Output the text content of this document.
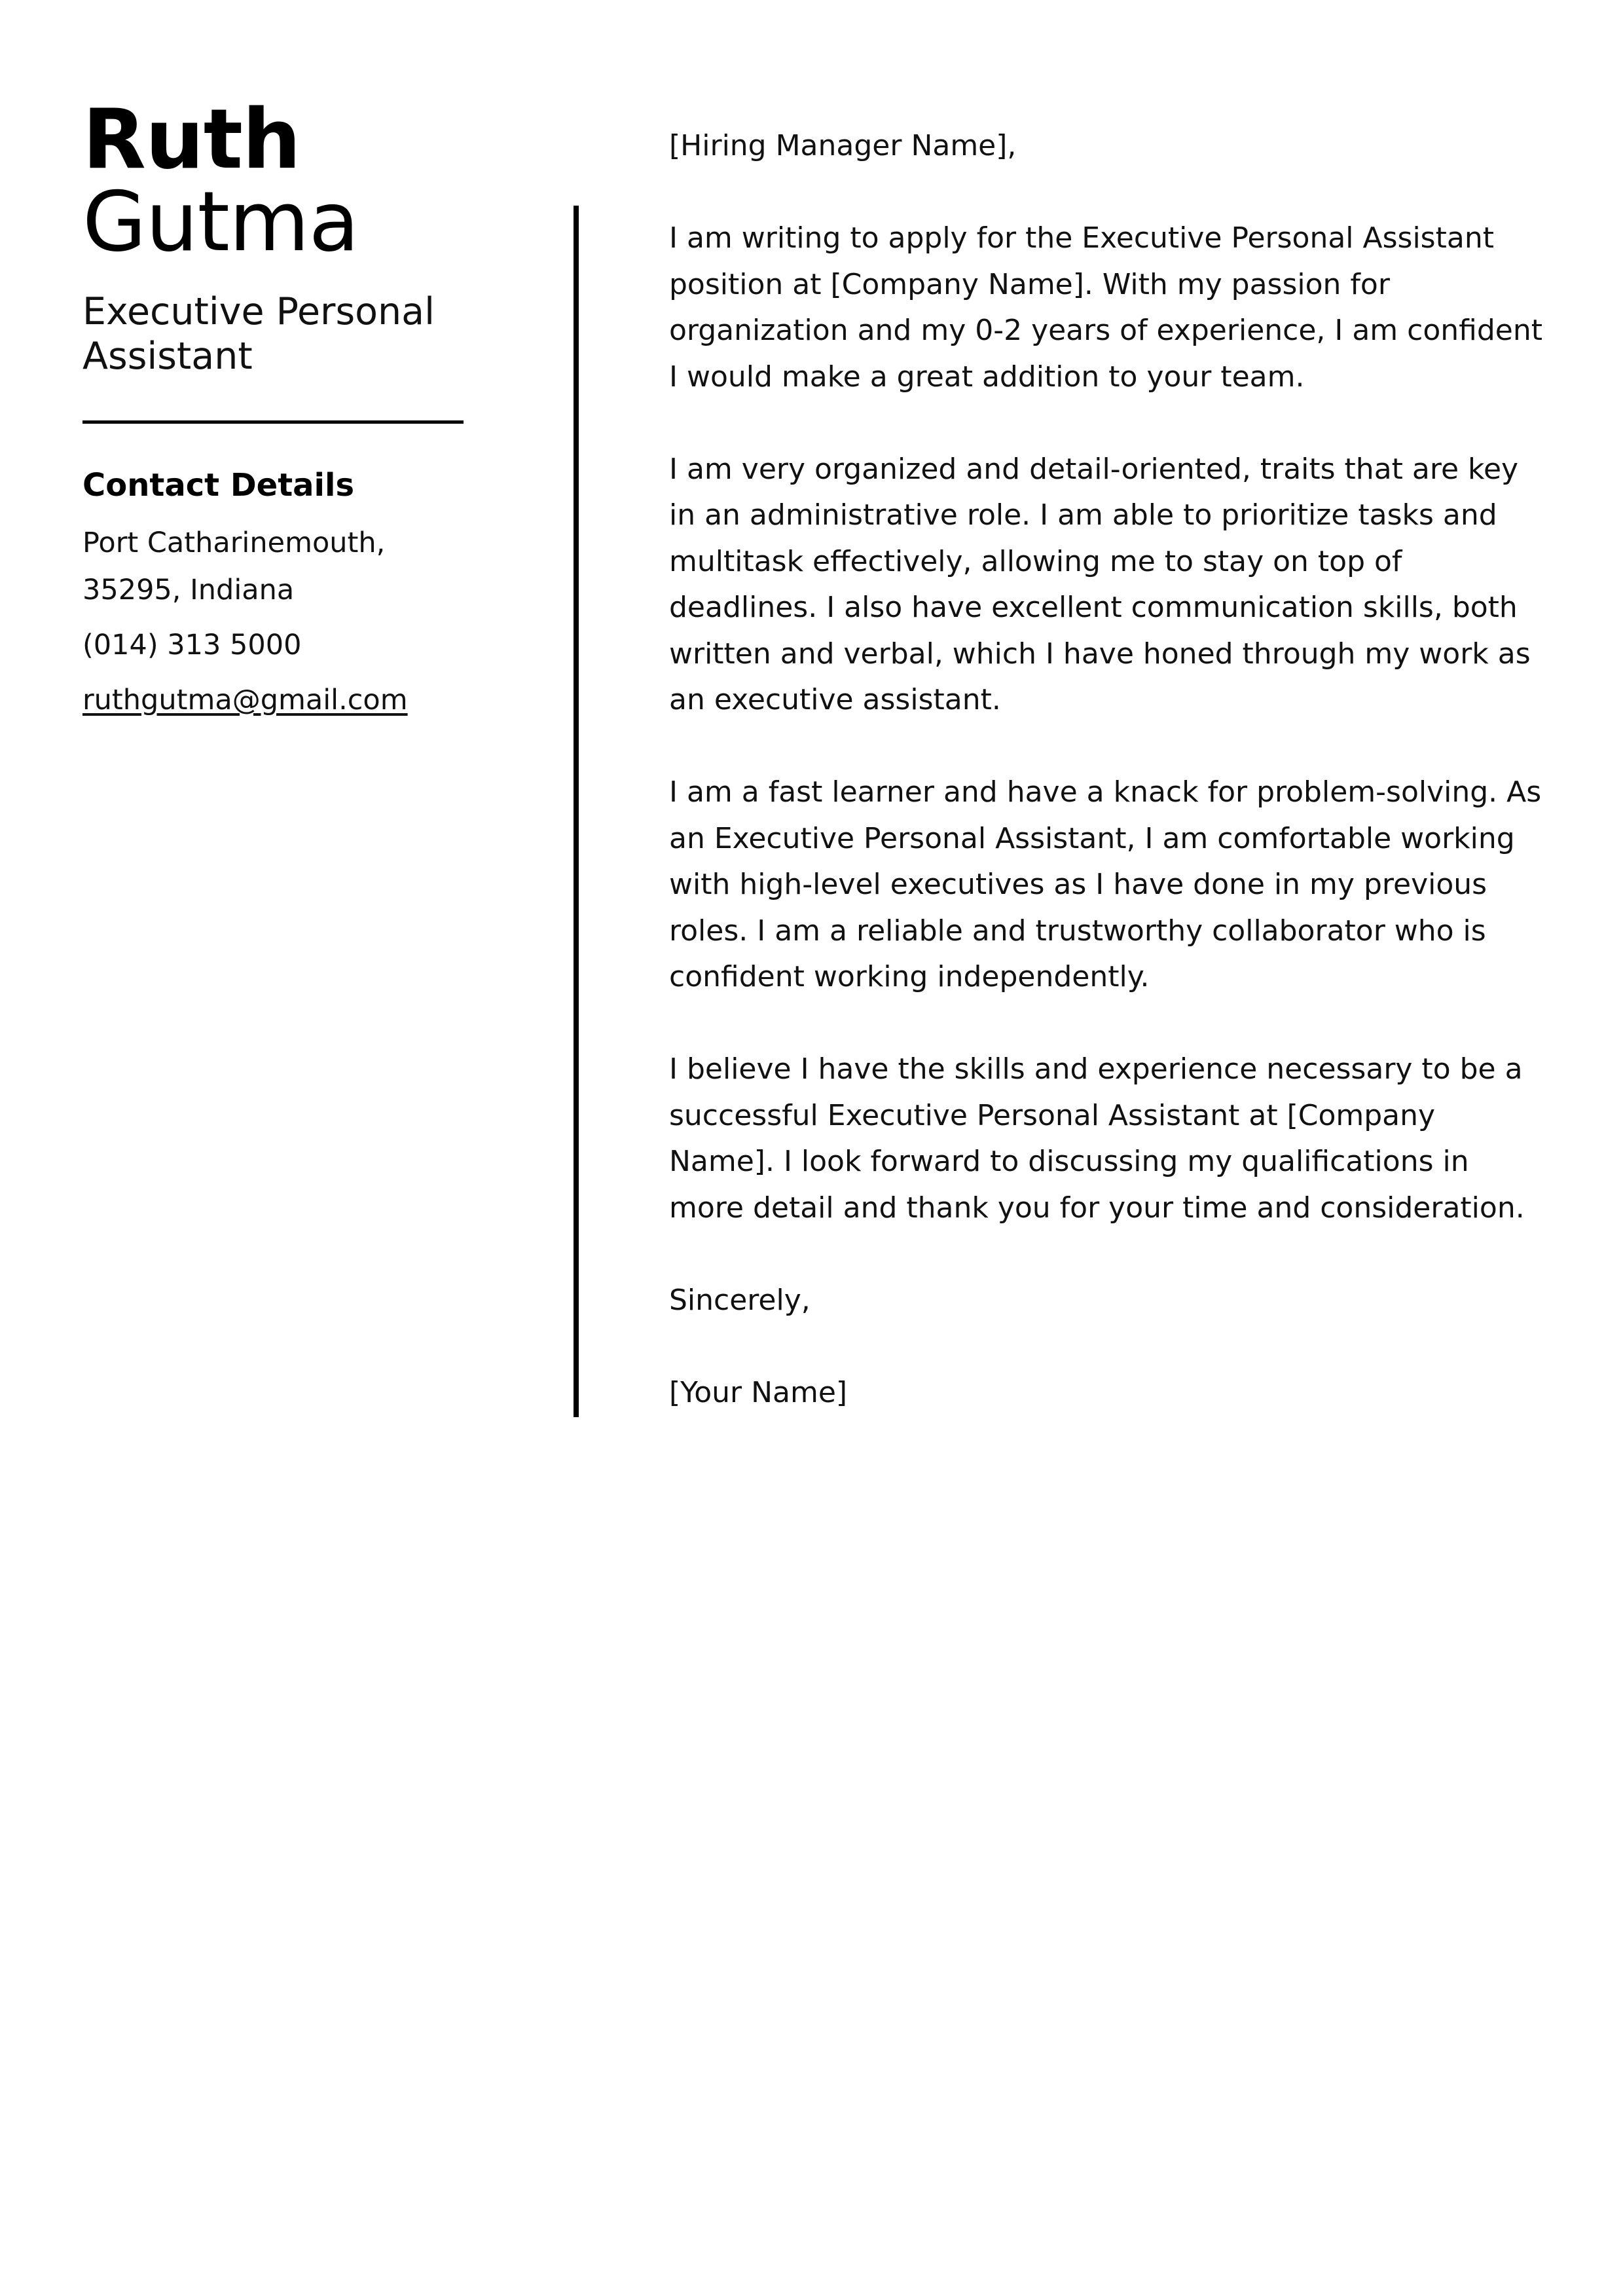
Ruth
Gutma
Executive Personal Assistant
Contact Details
Port Catharinemouth,
35295, Indiana
(014) 313 5000
ruthgutma@gmail.com

[Hiring Manager Name],

I am writing to apply for the Executive Personal Assistant position at [Company Name]. With my passion for organization and my 0-2 years of experience, I am confident I would make a great addition to your team.

I am very organized and detail-oriented, traits that are key in an administrative role. I am able to prioritize tasks and multitask effectively, allowing me to stay on top of deadlines. I also have excellent communication skills, both written and verbal, which I have honed through my work as an executive assistant.

I am a fast learner and have a knack for problem-solving. As an Executive Personal Assistant, I am comfortable working with high-level executives as I have done in my previous roles. I am a reliable and trustworthy collaborator who is confident working independently.

I believe I have the skills and experience necessary to be a successful Executive Personal Assistant at [Company Name]. I look forward to discussing my qualifications in more detail and thank you for your time and consideration.

Sincerely,

[Your Name]
